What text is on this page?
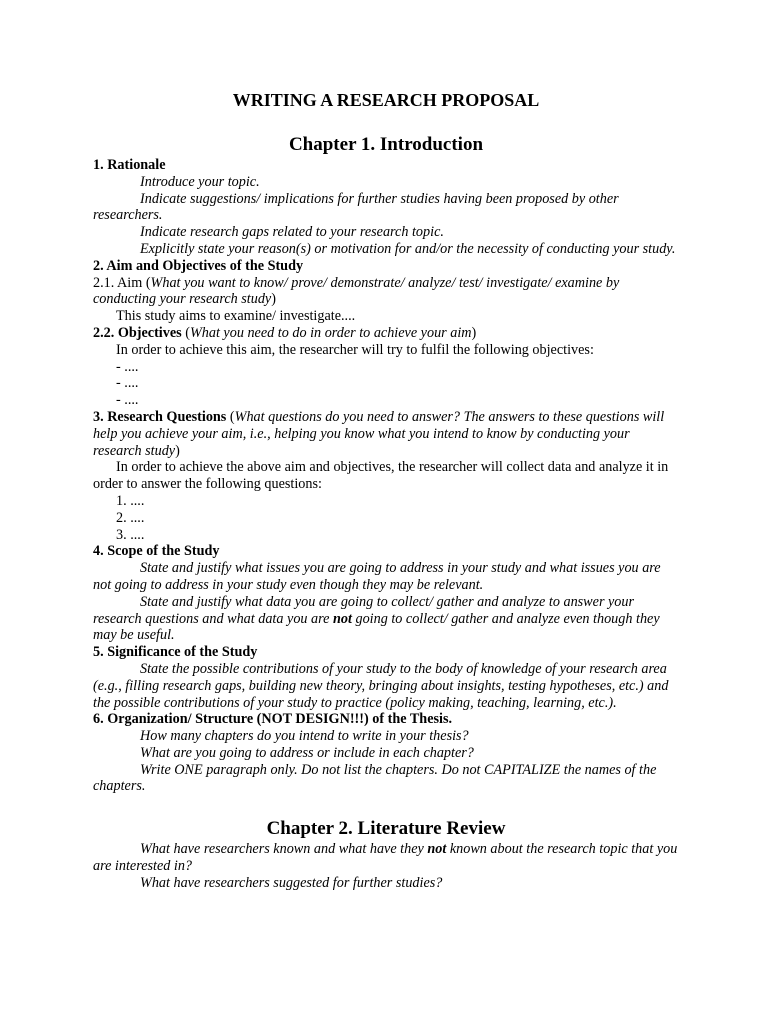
WRITING A RESEARCH PROPOSAL
Chapter 1. Introduction
1. Rationale
Introduce your topic.
Indicate suggestions/ implications for further studies having been proposed by other researchers.
Indicate research gaps related to your research topic.
Explicitly state your reason(s) or motivation for and/or the necessity of conducting your study.
2. Aim and Objectives of the Study
2.1. Aim (What you want to know/ prove/ demonstrate/ analyze/ test/ investigate/ examine by conducting your research study)
This study aims to examine/ investigate....
2.2. Objectives (What you need to do in order to achieve your aim)
In order to achieve this aim, the researcher will try to fulfil the following objectives:
- ....
- ....
- ....
3. Research Questions (What questions do you need to answer? The answers to these questions will help you achieve your aim, i.e., helping you know what you intend to know by conducting your research study)
In order to achieve the above aim and objectives, the researcher will collect data and analyze it in order to answer the following questions:
1. ....
2. ....
3. ....
4. Scope of the Study
State and justify what issues you are going to address in your study and what issues you are not going to address in your study even though they may be relevant.
State and justify what data you are going to collect/ gather and analyze to answer your research questions and what data you are not going to collect/ gather and analyze even though they may be useful.
5. Significance of the Study
State the possible contributions of your study to the body of knowledge of your research area (e.g., filling research gaps, building new theory, bringing about insights, testing hypotheses, etc.) and the possible contributions of your study to practice (policy making, teaching, learning, etc.).
6. Organization/ Structure (NOT DESIGN!!!) of the Thesis.
How many chapters do you intend to write in your thesis?
What are you going to address or include in each chapter?
Write ONE paragraph only. Do not list the chapters. Do not CAPITALIZE the names of the chapters.
Chapter 2. Literature Review
What have researchers known and what have they not known about the research topic that you are interested in?
What have researchers suggested for further studies?
